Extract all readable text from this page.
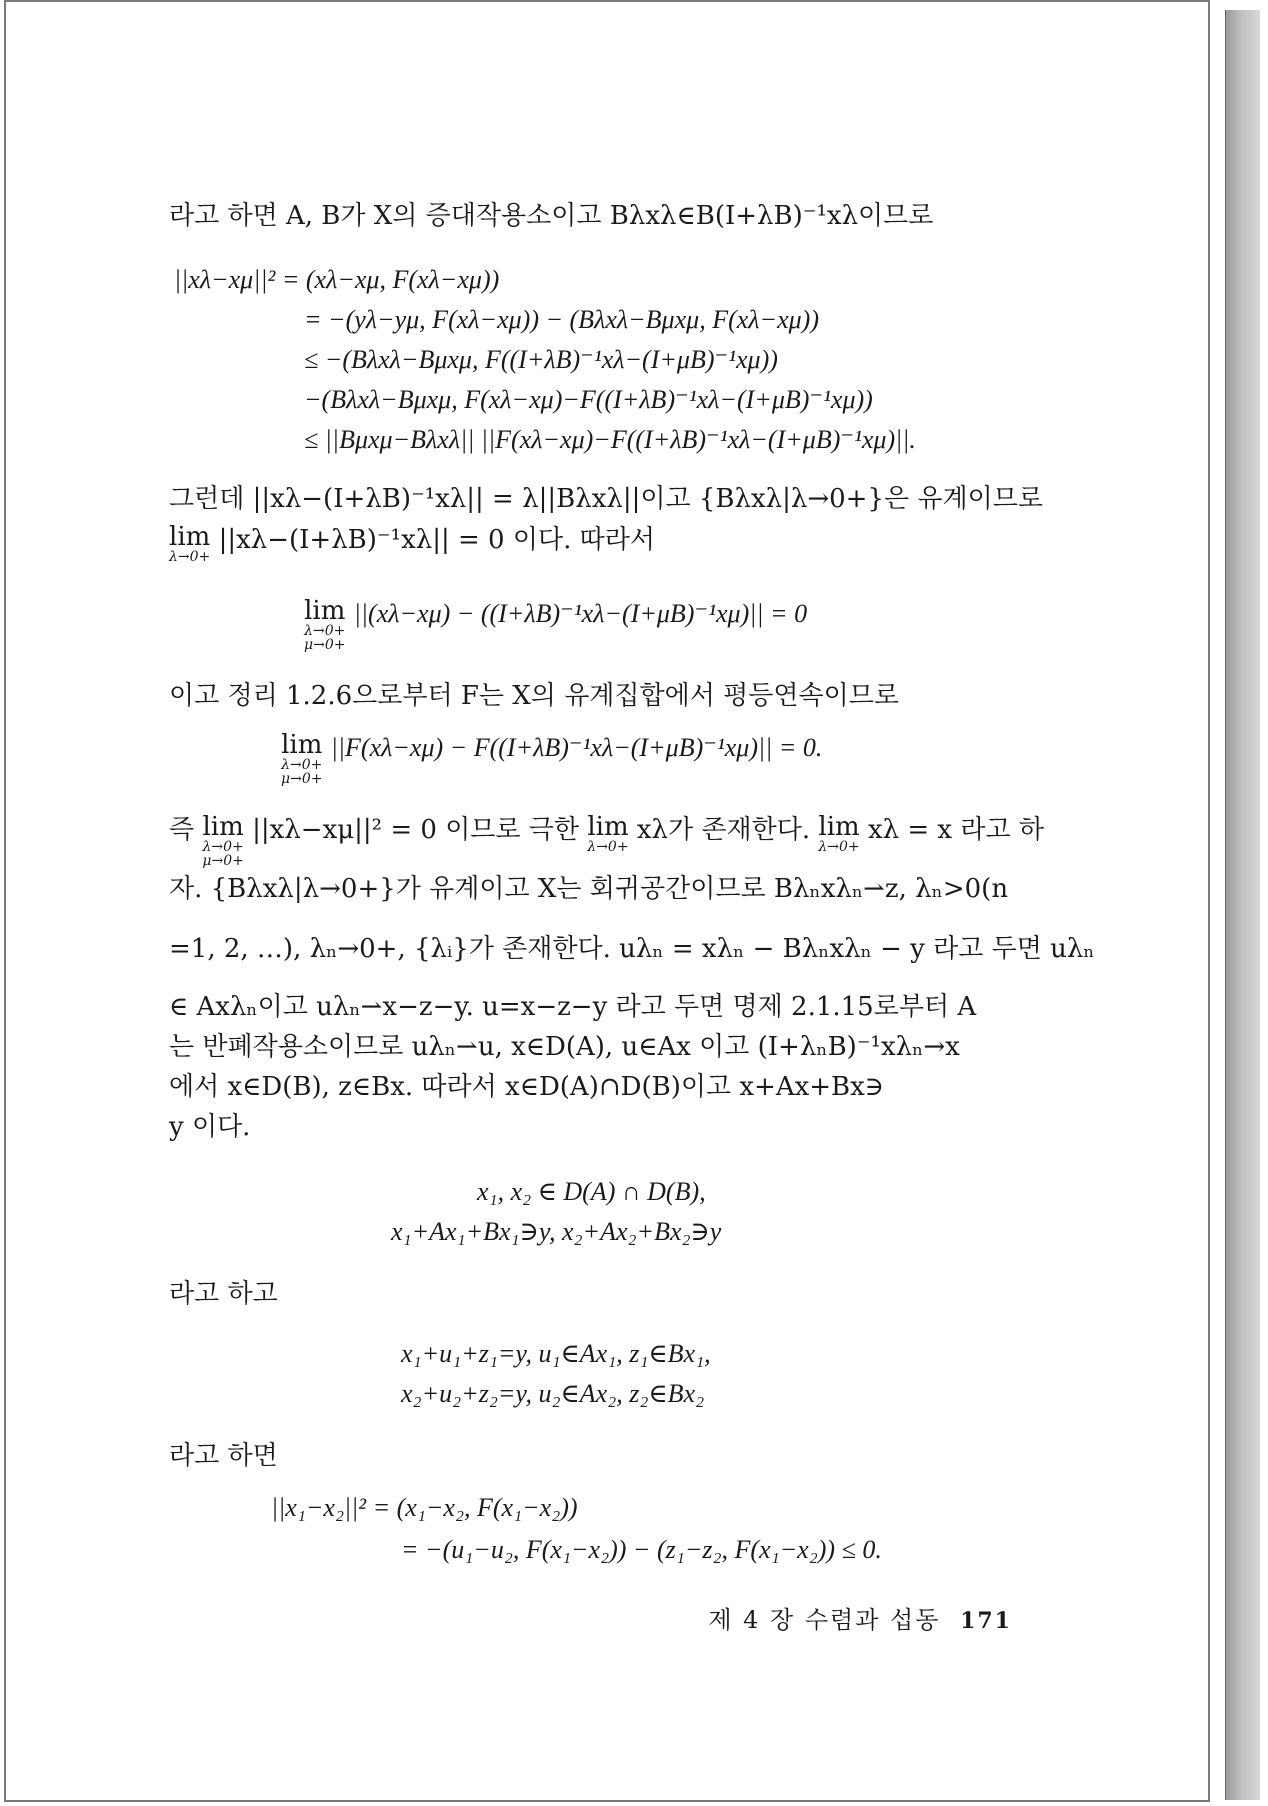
라고 하면 A, B가 X의 증대작용소이고 Bλxλ∈B(I+λB)⁻¹xλ이므로
||xλ−xμ||² = (xλ−xμ, F(xλ−xμ))
= −(yλ−yμ, F(xλ−xμ)) − (Bλxλ−Bμxμ, F(xλ−xμ))
≤ −(Bλxλ−Bμxμ, F((I+λB)⁻¹xλ−(I+μB)⁻¹xμ))
−(Bλxλ−Bμxμ, F(xλ−xμ)−F((I+λB)⁻¹xλ−(I+μB)⁻¹xμ))
≤ ||Bμxμ−Bλxλ|| ||F(xλ−xμ)−F((I+λB)⁻¹xλ−(I+μB)⁻¹xμ)||.
그런데 ||xλ−(I+λB)⁻¹xλ|| = λ||Bλxλ||이고 {Bλxλ|λ→0+}은 유계이므로
lim
λ→0+
||xλ−(I+λB)⁻¹xλ|| = 0 이다. 따라서
lim
λ→0+
μ→0+
||(xλ−xμ) − ((I+λB)⁻¹xλ−(I+μB)⁻¹xμ)|| = 0
이고 정리 1.2.6으로부터 F는 X의 유계집합에서 평등연속이므로
lim
λ→0+
μ→0+
||F(xλ−xμ) − F((I+λB)⁻¹xλ−(I+μB)⁻¹xμ)|| = 0.
즉 lim
λ→0+
μ→0+
||xλ−xμ||² = 0 이므로 극한 lim
λ→0+
xλ가 존재한다. lim
λ→0+
xλ = x 라고 하
자. {Bλxλ|λ→0+}가 유계이고 X는 회귀공간이므로 Bλₙxλₙ⇀z, λₙ>0(n
=1, 2, …), λₙ→0+, {λᵢ}가 존재한다. uλₙ = xλₙ − Bλₙxλₙ − y 라고 두면 uλₙ
∈ Axλₙ이고 uλₙ⇀x−z−y. u=x−z−y 라고 두면 명제 2.1.15로부터 A
는 반폐작용소이므로 uλₙ⇀u, x∈D(A), u∈Ax 이고 (I+λₙB)⁻¹xλₙ→x
에서 x∈D(B), z∈Bx. 따라서 x∈D(A)∩D(B)이고 x+Ax+Bx∋
y 이다.
x₁, x₂ ∈ D(A) ∩ D(B),
x₁+Ax₁+Bx₁∋y, x₂+Ax₂+Bx₂∋y
라고 하고
x₁+u₁+z₁=y, u₁∈Ax₁, z₁∈Bx₁,
x₂+u₂+z₂=y, u₂∈Ax₂, z₂∈Bx₂
라고 하면
||x₁−x₂||² = (x₁−x₂, F(x₁−x₂))
= −(u₁−u₂, F(x₁−x₂)) − (z₁−z₂, F(x₁−x₂)) ≤ 0.
제 4 장 수렴과 섭동 171
